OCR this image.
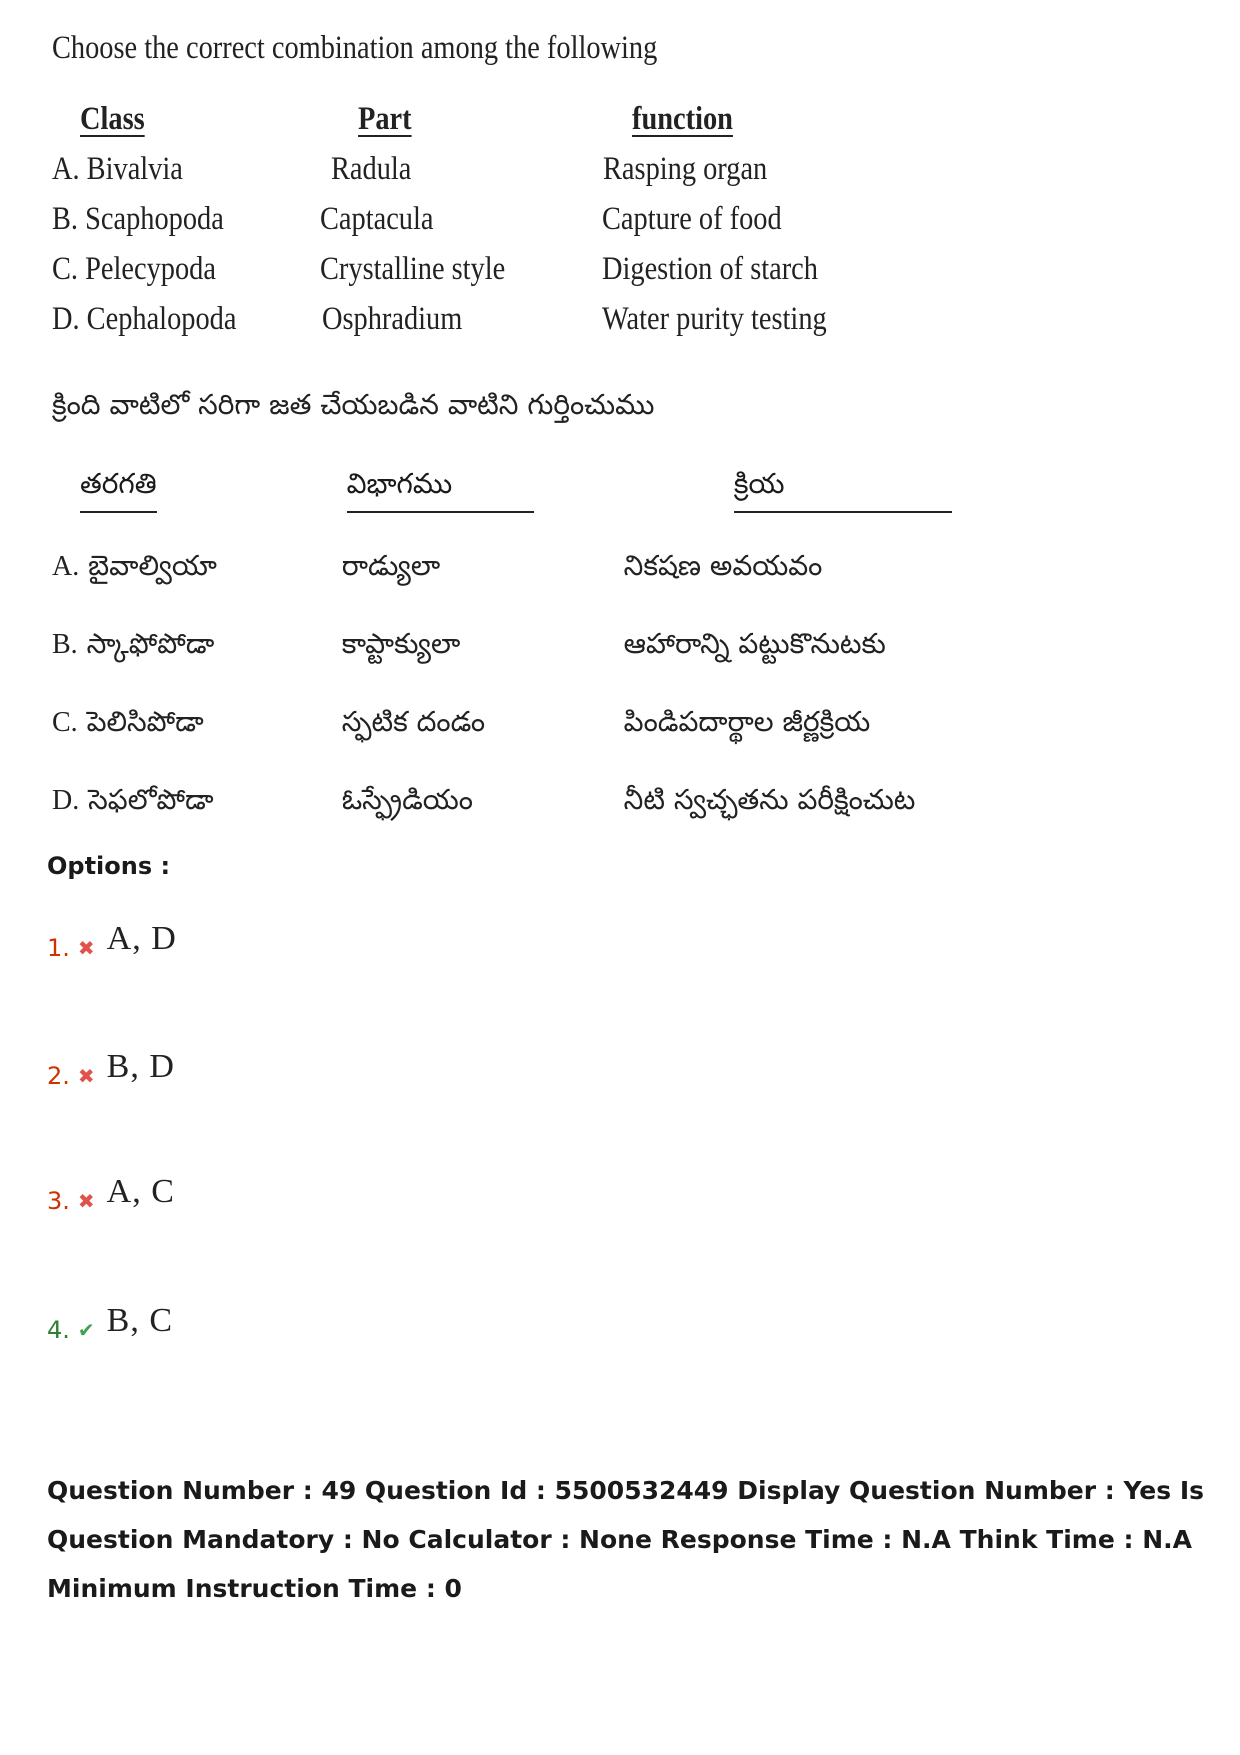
Choose the correct combination among the following
Class	Part	function
A. Bivalvia	Radula	Rasping organ
B. Scaphopoda	Captacula	Capture of food
C. Pelecypoda	Crystalline style	Digestion of starch
D. Cephalopoda	Osphradium	Water purity testing
క్రింది వాటిలో సరిగా జత చేయబడిన వాటిని గుర్తించుము
తరగతి	విభాగము	క్రియ
A. బైవాల్వియా	రాడ్యులా	నికషణ అవయవం
B. స్కాఫోపోడా	కాప్టాక్యులా	ఆహారాన్ని పట్టుకొనుటకు
C. పెలిసిపోడా	స్ఫటిక దండం	పిండిపదార్థాల జీర్ణక్రియ
D. సెఫలోపోడా	ఓస్ఫ్రేడియం	నీటి స్వచ్ఛతను పరీక్షించుట
Options :
1. ✖ A, D
2. ✖ B, D
3. ✖ A, C
4. ✔ B, C
Question Number : 49 Question Id : 5500532449 Display Question Number : Yes Is Question Mandatory : No Calculator : None Response Time : N.A Think Time : N.A Minimum Instruction Time : 0
